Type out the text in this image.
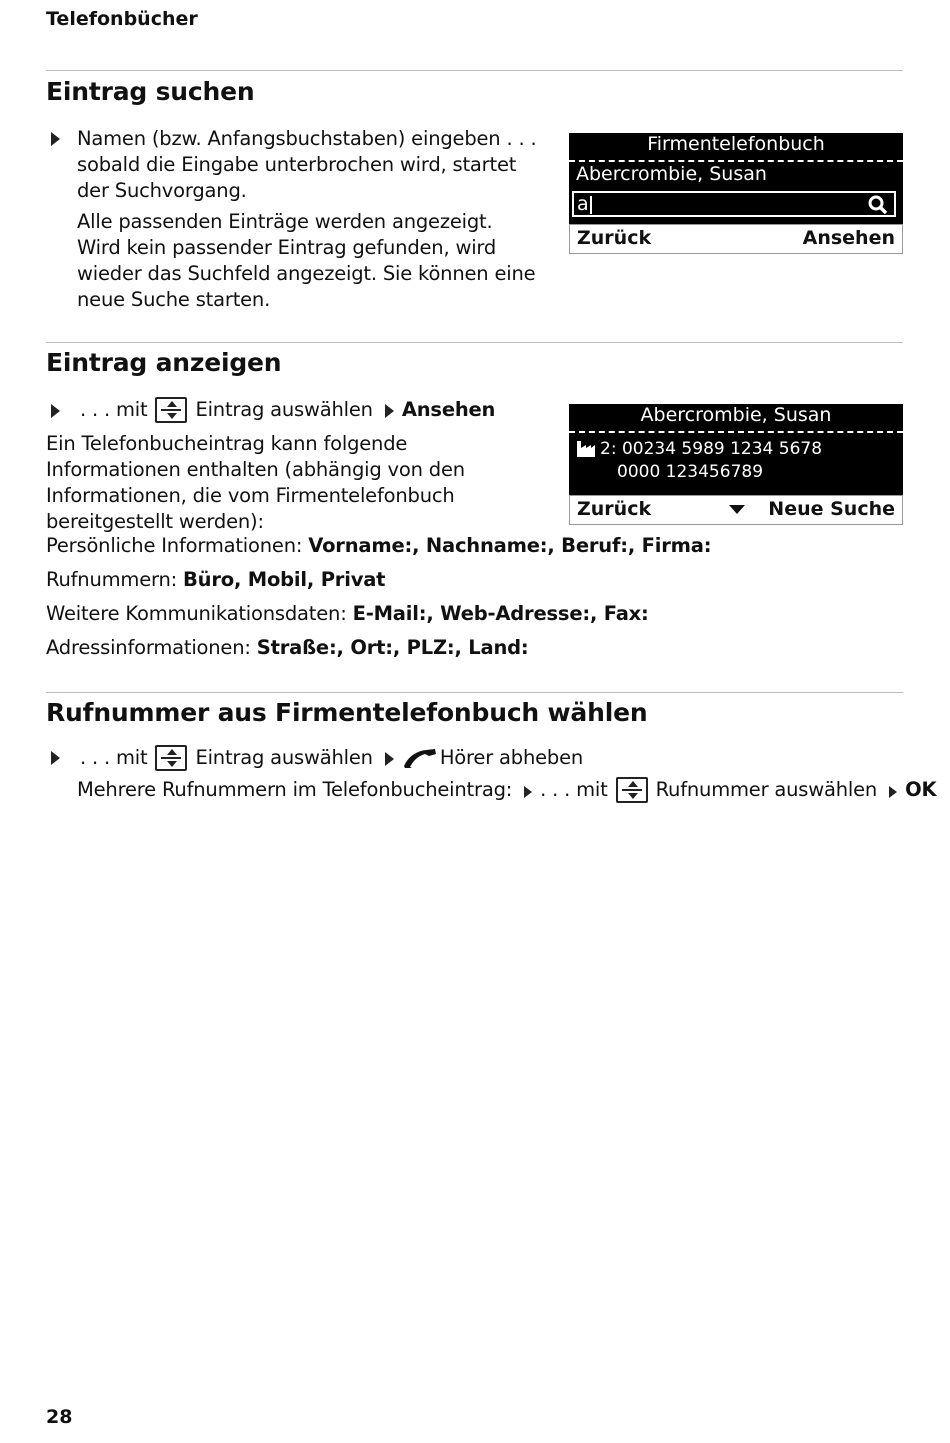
Telefonbücher
Eintrag suchen
Namen (bzw. Anfangsbuchstaben) eingeben . . . sobald die Eingabe unterbrochen wird, startet der Suchvorgang.
Alle passenden Einträge werden angezeigt. Wird kein passender Eintrag gefunden, wird wieder das Suchfeld angezeigt. Sie können eine neue Suche starten.
Firmentelefonbuch
Abercrombie, Susan
a
Zurück	Ansehen
Eintrag anzeigen
. . . mit Eintrag auswählen Ansehen
Ein Telefonbucheintrag kann folgende Informationen enthalten (abhängig von den Informationen, die vom Firmentelefonbuch bereitgestellt werden):
Persönliche Informationen: Vorname:, Nachname:, Beruf:, Firma:
Rufnummern: Büro, Mobil, Privat
Weitere Kommunikationsdaten: E-Mail:, Web-Adresse:, Fax:
Adressinformationen: Straße:, Ort:, PLZ:, Land:
Abercrombie, Susan
2: 00234 5989 1234 5678
0000 123456789
Zurück	Neue Suche
Rufnummer aus Firmentelefonbuch wählen
. . . mit Eintrag auswählen	Hörer abheben
Mehrere Rufnummern im Telefonbucheintrag: . . . mit Rufnummer auswählen OK
28
